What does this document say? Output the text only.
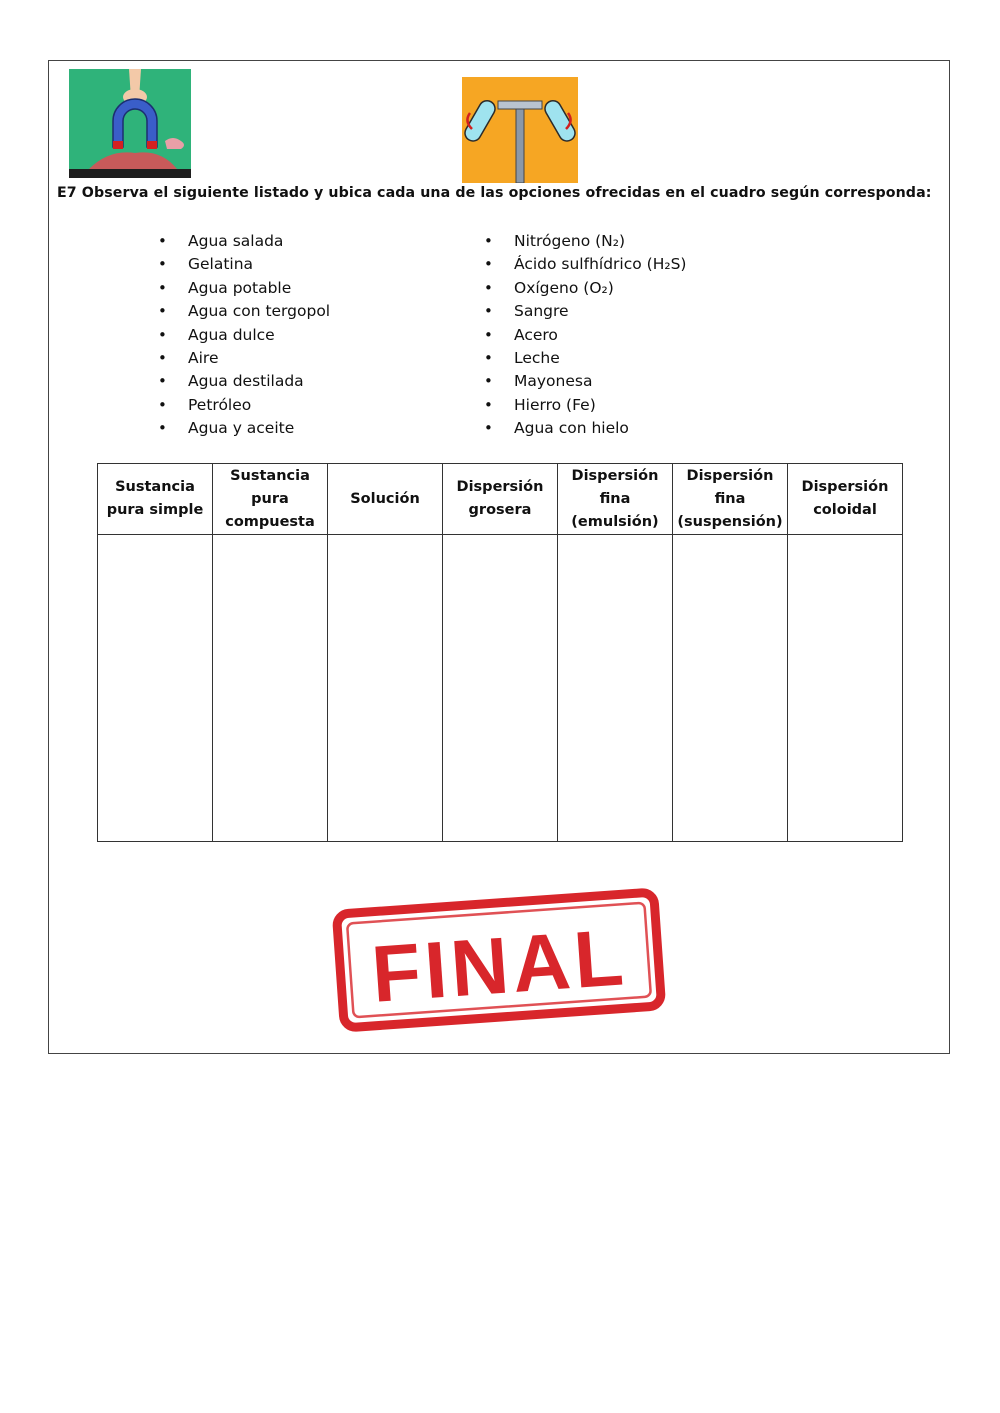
E7 Observa el siguiente listado y ubica cada una de las opciones ofrecidas en el cuadro según corresponda:
• Agua salada
• Gelatina
• Agua potable
• Agua con tergopol
• Agua dulce
• Aire
• Agua destilada
• Petróleo
• Agua y aceite
• Nitrógeno (N₂)
• Ácido sulfhídrico (H₂S)
• Oxígeno (O₂)
• Sangre
• Acero
• Leche
• Mayonesa
• Hierro (Fe)
• Agua con hielo
Sustancia
pura simple	Sustancia
pura
compuesta	Solución	Dispersión
grosera	Dispersión
fina
(emulsión)	Dispersión
fina
(suspensión)	Dispersión
coloidal

FINAL
